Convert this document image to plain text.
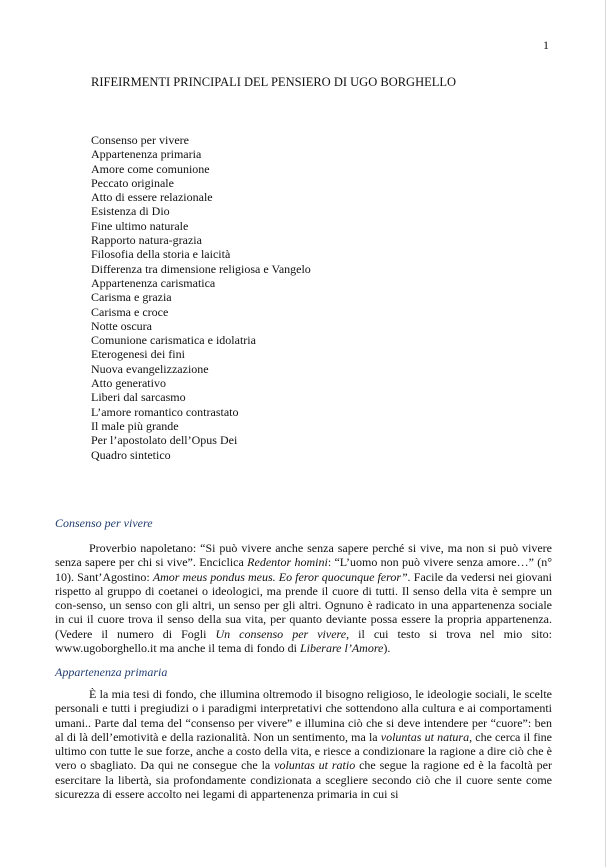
1
RIFEIRMENTI PRINCIPALI DEL PENSIERO DI UGO BORGHELLO
Consenso per vivere
Appartenenza primaria
Amore come comunione
Peccato originale
Atto di essere relazionale
Esistenza di Dio
Fine ultimo naturale
Rapporto natura-grazia
Filosofia della storia e laicità
Differenza tra dimensione religiosa e Vangelo
Appartenenza carismatica
Carisma e grazia
Carisma e croce
Notte oscura
Comunione carismatica e idolatria
Eterogenesi dei fini
Nuova evangelizzazione
Atto generativo
Liberi dal sarcasmo
L’amore romantico contrastato
Il male più grande
Per l’apostolato dell’Opus Dei
Quadro sintetico
Consenso per vivere

Proverbio napoletano: “Si può vivere anche senza sapere perché si vive, ma non si può vivere senza sapere per chi si vive”. Enciclica Redentor homini: “L’uomo non può vivere senza amore…” (n° 10). Sant’Agostino: Amor meus pondus meus. Eo feror quocunque feror”. Facile da vedersi nei giovani rispetto al gruppo di coetanei o ideologici, ma prende il cuore di tutti. Il senso della vita è sempre un con-senso, un senso con gli altri, un senso per gli altri. Ognuno è radicato in una appartenenza sociale in cui il cuore trova il senso della sua vita, per quanto deviante possa essere la propria appartenenza. (Vedere il numero di Fogli Un consenso per vivere, il cui testo si trova nel mio sito: www.ugoborghello.it ma anche il tema di fondo di Liberare l’Amore).

Appartenenza primaria

È la mia tesi di fondo, che illumina oltremodo il bisogno religioso, le ideologie sociali, le scelte personali e tutti i pregiudizi o i paradigmi interpretativi che sottendono alla cultura e ai comportamenti umani.. Parte dal tema del “consenso per vivere” e illumina ciò che si deve intendere per “cuore”: ben al di là dell’emotività e della razionalità. Non un sentimento, ma la voluntas ut natura, che cerca il fine ultimo con tutte le sue forze, anche a costo della vita, e riesce a condizionare la ragione a dire ciò che è vero o sbagliato. Da qui ne consegue che la voluntas ut ratio che segue la ragione ed è la facoltà per esercitare la libertà, sia profondamente condizionata a scegliere secondo ciò che il cuore sente come sicurezza di essere accolto nei legami di appartenenza primaria in cui si
